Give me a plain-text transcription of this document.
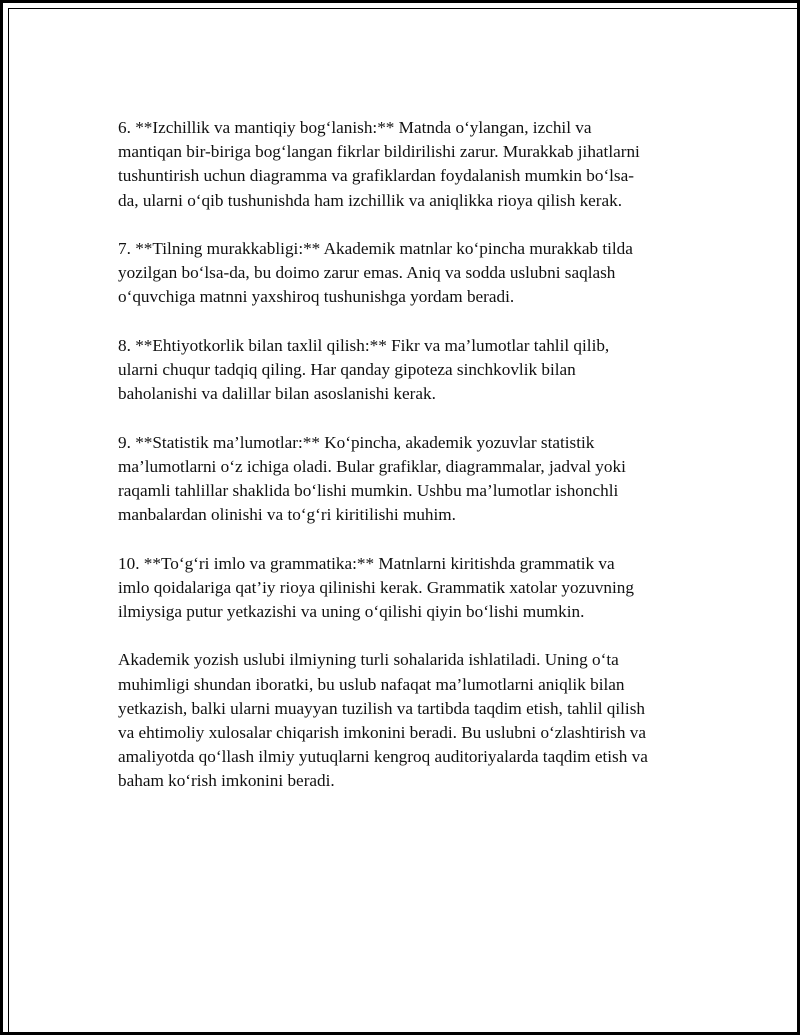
6. **Izchillik va mantiqiy bog‘lanish:** Matnda o‘ylangan, izchil va
mantiqan bir-biriga bog‘langan fikrlar bildirilishi zarur. Murakkab jihatlarni
tushuntirish uchun diagramma va grafiklardan foydalanish mumkin bo‘lsa-
da, ularni o‘qib tushunishda ham izchillik va aniqlikka rioya qilish kerak.

7. **Tilning murakkabligi:** Akademik matnlar ko‘pincha murakkab tilda
yozilgan bo‘lsa-da, bu doimo zarur emas. Aniq va sodda uslubni saqlash
o‘quvchiga matnni yaxshiroq tushunishga yordam beradi.

8. **Ehtiyotkorlik bilan taxlil qilish:** Fikr va ma’lumotlar tahlil qilib,
ularni chuqur tadqiq qiling. Har qanday gipoteza sinchkovlik bilan
baholanishi va dalillar bilan asoslanishi kerak.

9. **Statistik ma’lumotlar:** Ko‘pincha, akademik yozuvlar statistik
ma’lumotlarni o‘z ichiga oladi. Bular grafiklar, diagrammalar, jadval yoki
raqamli tahlillar shaklida bo‘lishi mumkin. Ushbu ma’lumotlar ishonchli
manbalardan olinishi va to‘g‘ri kiritilishi muhim.

10. **To‘g‘ri imlo va grammatika:** Matnlarni kiritishda grammatik va
imlo qoidalariga qat’iy rioya qilinishi kerak. Grammatik xatolar yozuvning
ilmiysiga putur yetkazishi va uning o‘qilishi qiyin bo‘lishi mumkin.

Akademik yozish uslubi ilmiyning turli sohalarida ishlatiladi. Uning o‘ta
muhimligi shundan iboratki, bu uslub nafaqat ma’lumotlarni aniqlik bilan
yetkazish, balki ularni muayyan tuzilish va tartibda taqdim etish, tahlil qilish
va ehtimoliy xulosalar chiqarish imkonini beradi. Bu uslubni o‘zlashtirish va
amaliyotda qo‘llash ilmiy yutuqlarni kengroq auditoriyalarda taqdim etish va
baham ko‘rish imkonini beradi.
